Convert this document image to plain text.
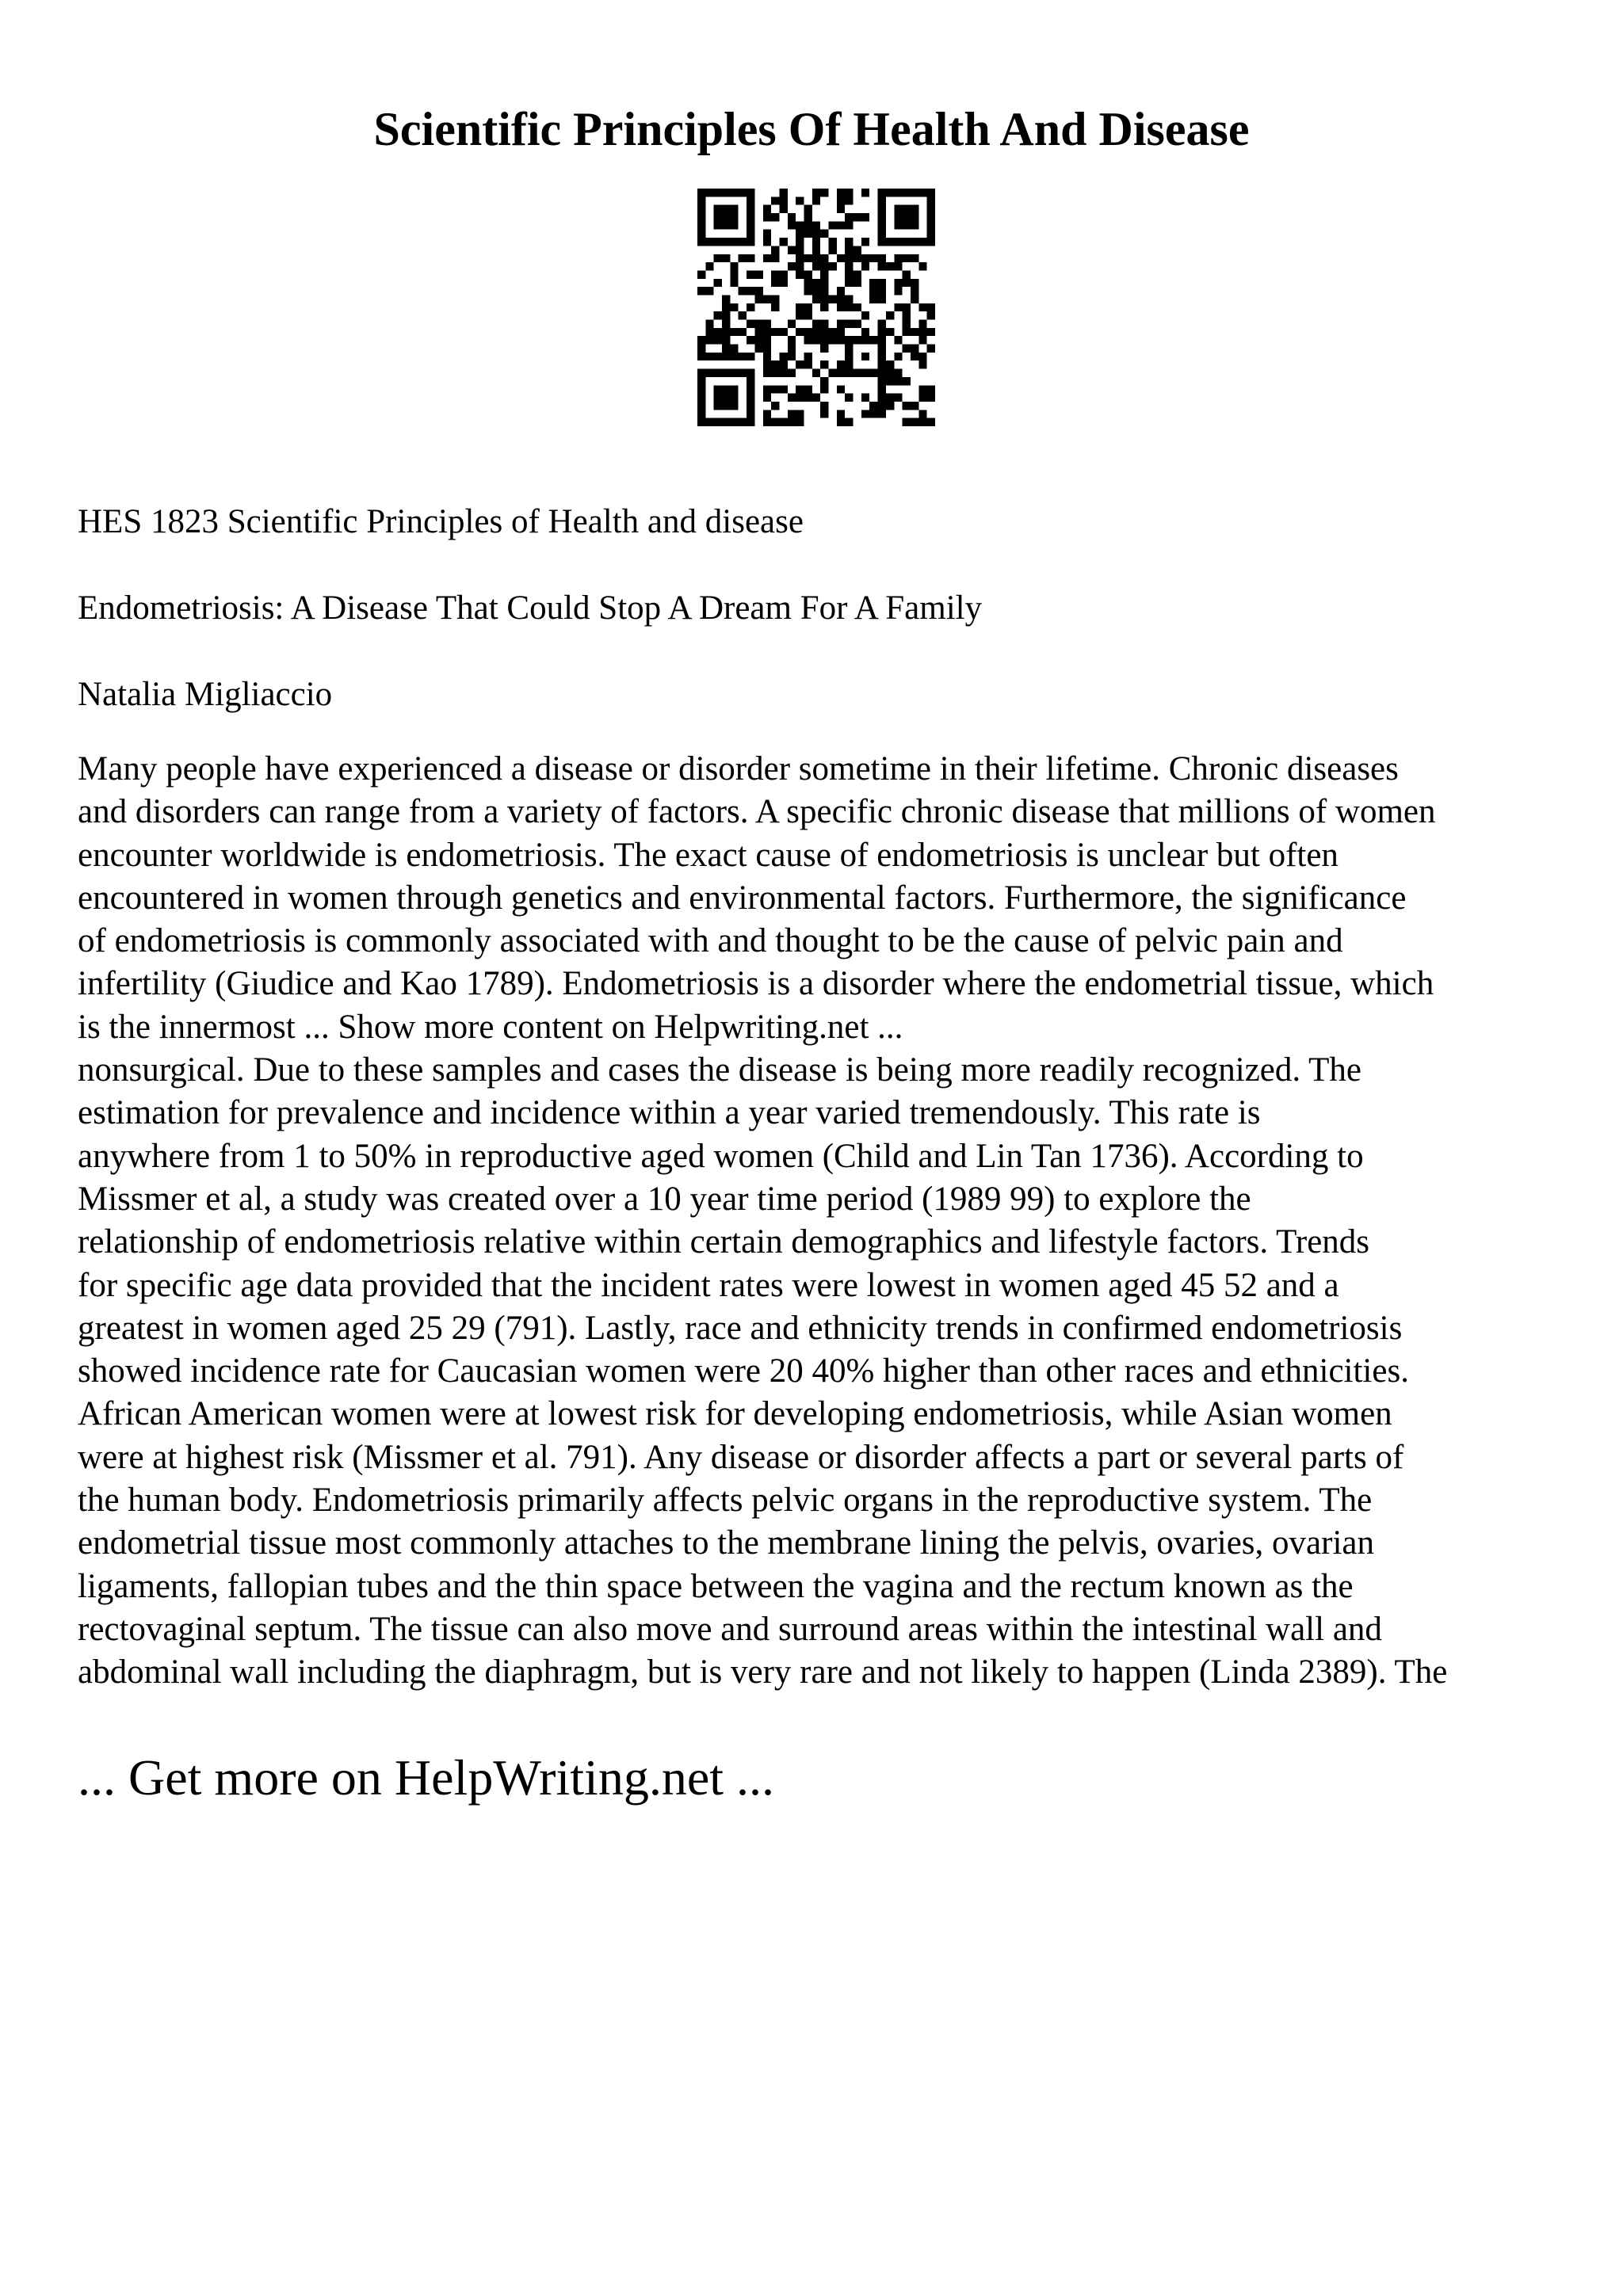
Scientific Principles Of Health And Disease

HES 1823 Scientific Principles of Health and disease

Endometriosis: A Disease That Could Stop A Dream For A Family

Natalia Migliaccio

Many people have experienced a disease or disorder sometime in their lifetime. Chronic diseases
and disorders can range from a variety of factors. A specific chronic disease that millions of women
encounter worldwide is endometriosis. The exact cause of endometriosis is unclear but often
encountered in women through genetics and environmental factors. Furthermore, the significance
of endometriosis is commonly associated with and thought to be the cause of pelvic pain and
infertility (Giudice and Kao 1789). Endometriosis is a disorder where the endometrial tissue, which
is the innermost ... Show more content on Helpwriting.net ...
nonsurgical. Due to these samples and cases the disease is being more readily recognized. The
estimation for prevalence and incidence within a year varied tremendously. This rate is
anywhere from 1 to 50% in reproductive aged women (Child and Lin Tan 1736). According to
Missmer et al, a study was created over a 10 year time period (1989 99) to explore the
relationship of endometriosis relative within certain demographics and lifestyle factors. Trends
for specific age data provided that the incident rates were lowest in women aged 45 52 and a
greatest in women aged 25 29 (791). Lastly, race and ethnicity trends in confirmed endometriosis
showed incidence rate for Caucasian women were 20 40% higher than other races and ethnicities.
African American women were at lowest risk for developing endometriosis, while Asian women
were at highest risk (Missmer et al. 791). Any disease or disorder affects a part or several parts of
the human body. Endometriosis primarily affects pelvic organs in the reproductive system. The
endometrial tissue most commonly attaches to the membrane lining the pelvis, ovaries, ovarian
ligaments, fallopian tubes and the thin space between the vagina and the rectum known as the
rectovaginal septum. The tissue can also move and surround areas within the intestinal wall and
abdominal wall including the diaphragm, but is very rare and not likely to happen (Linda 2389). The

... Get more on HelpWriting.net ...
